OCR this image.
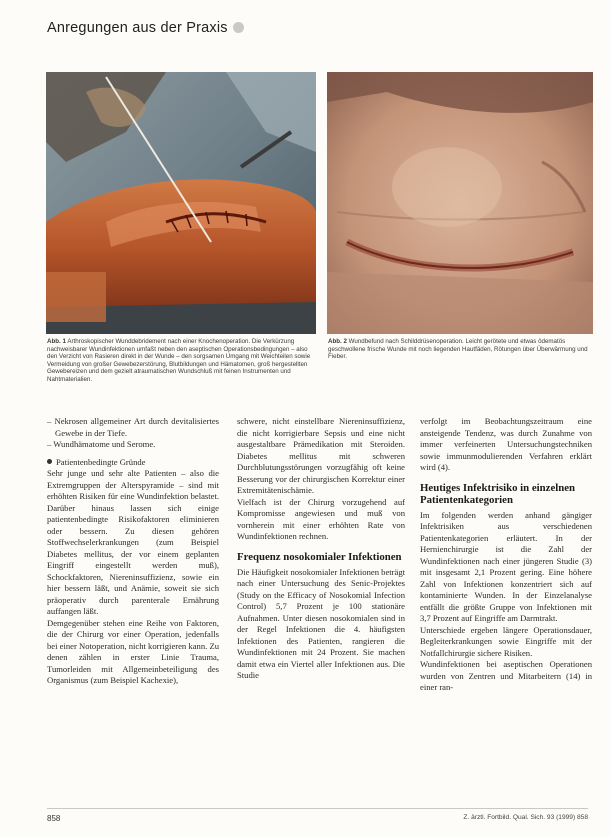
Anregungen aus der Praxis
Abb. 1 Arthroskopischer Wunddebridement nach einer Knochenoperation. Die Verkürzung nachweisbarer Wundinfektionen umfaßt neben den aseptischen Operationsbedingungen – also den Verzicht von Rasieren direkt in der Wunde – den sorgsamen Umgang mit Weichteilen sowie Vermeidung von großer Gewebezerstörung, Blutbildungen und Hämatomen, groß hergestellten Gewebereizen und dem gezielt atraumatischen Wundschluß mit feinen Instrumenten und Nahtmaterialien.
Abb. 2 Wundbefund nach Schilddrüsenoperation. Leicht gerötete und etwas ödematös geschwollene frische Wunde mit noch liegenden Hautfäden, Rötungen über Überwärmung und Fieber.

– Nekrosen allgemeiner Art durch devitalisiertes Gewebe in der Tiefe.

– Wundhämatome und Serome.

Patientenbedingte Gründe

Sehr junge und sehr alte Patienten – also die Extremgruppen der Alterspyramide – sind mit erhöhten Risiken für eine Wundinfektion belastet. Darüber hinaus lassen sich einige patientenbedingte Risikofaktoren eliminieren oder bessern. Zu diesen gehören Stoffwechselerkrankungen (zum Beispiel Diabetes mellitus, der vor einem geplanten Eingriff eingestellt werden muß), Schockfaktoren, Niereninsuffizienz, sowie ein hier bessern läßt, und Anämie, soweit sie sich präoperativ durch parenterale Ernährung auffangen läßt.

Demgegenüber stehen eine Reihe von Faktoren, die der Chirurg vor einer Operation, jedenfalls bei einer Notoperation, nicht korrigieren kann. Zu denen zählen in erster Linie Trauma, Tumorleiden mit Allgemeinbeteiligung des Organismus (zum Beispiel Kachexie),

schwere, nicht einstellbare Niereninsuffizienz, die nicht korrigierbare Sepsis und eine nicht ausgestaltbare Prämedikation mit Steroiden. Diabetes mellitus mit schweren Durchblutungsstörungen vorzugfähig oft keine Besserung vor der chirurgischen Korrektur einer Extremitätenischämie.

Vielfach ist der Chirurg vorzugehend auf Kompromisse angewiesen und muß von vornherein mit einer erhöhten Rate von Wundinfektionen rechnen.

Frequenz nosokomialer Infektionen

Die Häufigkeit nosokomialer Infektionen beträgt nach einer Untersuchung des Senic-Projektes (Study on the Efficacy of Nosokomial Infection Control) 5,7 Prozent je 100 stationäre Aufnahmen. Unter diesen nosokomialen sind in der Regel Infektionen die 4. häufigsten Infektionen des Patienten, rangieren die Wundinfektionen mit 24 Prozent. Sie machen damit etwa ein Viertel aller Infektionen aus. Die Studie

verfolgt im Beobachtungszeitraum eine ansteigende Tendenz, was durch Zunahme von immer verfeinerten Untersuchungstechniken sowie immunmodulierenden Verfahren erklärt wird (4).

Heutiges Infektrisiko in einzelnen Patientenkategorien

Im folgenden werden anhand gängiger Infektrisiken aus verschiedenen Patientenkategorien erläutert. In der Hernienchirurgie ist die Zahl der Wundinfektionen nach einer jüngeren Studie (3) mit insgesamt 2,1 Prozent gering. Eine höhere Zahl von Infektionen konzentriert sich auf kontaminierte Wunden. In der Einzelanalyse entfällt die größte Gruppe von Infektionen mit 3,7 Prozent auf Eingriffe am Darmtrakt.

Unterschiede ergeben längere Operationsdauer, Begleiterkrankungen sowie Eingriffe mit der Notfallchirurgie sichere Risiken.

Wundinfektionen bei aseptischen Operationen wurden von Zentren und Mitarbeitern (14) in einer ran-

858	Z. ärztl. Fortbild. Qual. Sich. 93 (1999) 858
